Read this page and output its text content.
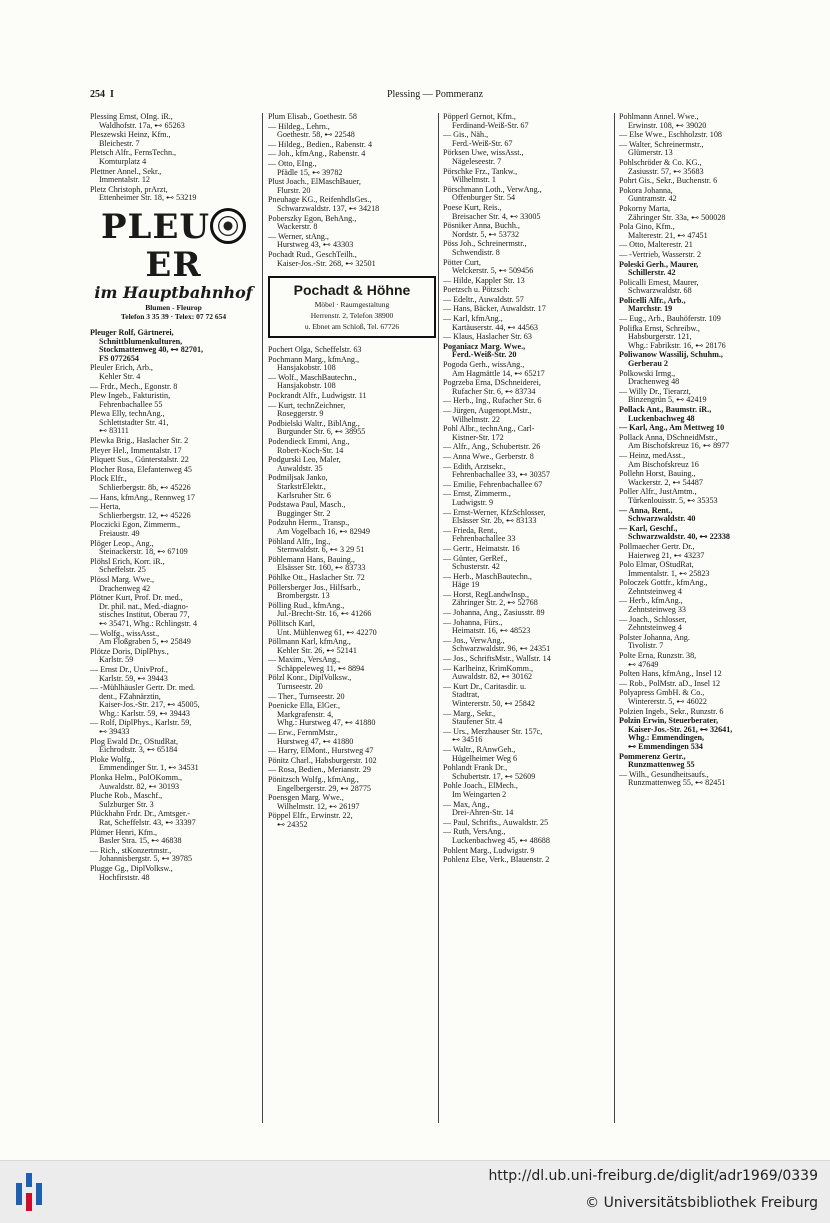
254 I	Plessing — Pommeranz
Plessing Ernst, OIng. iR.,
Waldhofstr. 17a, ⊷ 65263
Pleszewski Heinz, Kfm.,
Bleichestr. 7
Pletsch Alfr., FernsTechn.,
Komturplatz 4
Plettner Annel., Sekr.,
Immentalstr. 12
Pletz Christoph, prArzt,
Ettenheimer Str. 18, ⊷ 53219
PLEUER
im Hauptbahnhof
Blumen - Fleurop
Telefon 3 35 39 · Telex: 07 72 654
Pleuger Rolf, Gärtnerei,
Schnittblumenkulturen,
Stockmattenweg 40, ⊷ 82701,
FS 0772654
Pleuler Erich, Arb.,
Kehler Str. 4
— Frdr., Mech., Egonstr. 8
Plew Ingeb., Fakturistin,
Fehrenbachallee 55
Plewa Elly, technAng.,
Schlettstadter Str. 41,
⊷ 83111
Plewka Brig., Haslacher Str. 2
Pleyer Hel., Immentalstr. 17
Pliquett Sus., Günterstalstr. 22
Plocher Rosa, Elefantenweg 45
Plock Elfr.,
Schlierbergstr. 8b, ⊷ 45226
— Hans, kfmAng., Rennweg 17
— Herta,
Schlierbergstr. 12, ⊷ 45226
Ploczicki Egon, Zimmerm.,
Freiaustr. 49
Plöger Leop., Ang.,
Steinackerstr. 18, ⊷ 67109
Plöhsl Erich, Korr. iR.,
Scheffelstr. 25
Plössl Marg. Wwe.,
Drachenweg 42
Plötner Kurt, Prof. Dr. med.,
Dr. phil. nat., Med.-diagno-
stisches Institut, Oberau 77,
⊷ 35471, Whg.: Rchlingstr. 4
— Wolfg., wissAsst.,
Am Floßgraben 5, ⊷ 25849
Plötze Doris, DiplPhys.,
Karlstr. 59
— Ernst Dr., UnivProf.,
Karlstr. 59, ⊷ 39443
— -Mühlhäusler Gertr. Dr. med.
dent., FZahnärztin,
Kaiser-Jos.-Str. 217, ⊷ 45005,
Whg.: Karlstr. 59, ⊷ 39443
— Rolf, DiplPhys., Karlstr. 59,
⊷ 39433
Plog Ewald Dr., OStudRat,
Eichrodtstr. 3, ⊷ 65184
Ploke Wolfg.,
Emmendinger Str. 1, ⊷ 34531
Plonka Helm., PolOKomm.,
Auwaldstr. 82, ⊷ 30193
Pluche Rob., Maschf.,
Sulzburger Str. 3
Plückhahn Frdr. Dr., Amtsger.-
Rat, Scheffelstr. 43, ⊷ 33397
Plümer Henri, Kfm.,
Basler Stra. 15, ⊷ 46838
— Rich., stKonzertmstr.,
Johannisbergstr. 5, ⊷ 39785
Plugge Gg., DiplVolksw.,
Hochfirststr. 48
Plum Elisab., Goethestr. 58
— Hildeg., Lehrn.,
Goethestr. 58, ⊷ 22548
— Hildeg., Bedien., Rabenstr. 4
— Joh., kfmAng., Rabenstr. 4
— Otto, EIng.,
Pfädle 15, ⊷ 39782
Plust Joach., ElMaschBauer,
Flurstr. 20
Pneuhage KG., ReifenhdlsGes.,
Schwarzwaldstr. 137, ⊷ 34218
Poberszky Egon, BehAng.,
Wackerstr. 8
— Werner, stAng.,
Hurstweg 43, ⊷ 43303
Pochadt Rud., GeschTeilh.,
Kaiser-Jos.-Str. 268, ⊷ 32501
Pochadt & Höhne
Möbel · Raumgestaltung
Herrenstr. 2, Telefon 38900
u. Ebnet am Schloß, Tel. 67726
Pochert Olga, Scheffelstr. 63
Pochmann Marg., kfmAng.,
Hansjakobstr. 108
— Wolf., MaschBautechn.,
Hansjakobstr. 108
Pockrandt Alfr., Ludwigstr. 11
— Kurt, technZeichner,
Roseggerstr. 9
Podbielski Waltr., BiblAng.,
Burgunder Str. 6, ⊷ 38955
Podendieck Emmi, Ang.,
Robert-Koch-Str. 14
Podgurski Leo, Maler,
Auwaldstr. 35
Podmiljsak Janko,
StarkstrElektr.,
Karlsruher Str. 6
Podstawa Paul, Masch.,
Bugginger Str. 2
Podzuhn Herm., Transp.,
Am Vogelbach 16, ⊷ 82949
Pöhland Alfr., Ing.,
Sternwaldstr. 6, ⊷ 3 29 51
Pöhlemann Hans, Bauing.,
Elsässer Str. 160, ⊷ 83733
Pöhlke Ott., Haslacher Str. 72
Pöllersberger Jos., Hilfsarb.,
Brombergstr. 13
Pölling Rud., kfmAng.,
Jul.-Brecht-Str. 16, ⊷ 41266
Pöllitsch Karl,
Unt. Mühlenweg 61, ⊷ 42270
Pöllmann Karl, kfmAng.,
Kehler Str. 26, ⊷ 52141
— Maxim., VersAng.,
Schäppeleweg 11, ⊷ 8894
Pölzl Konr., DiplVolksw.,
Turnseestr. 20
— Ther., Turnseestr. 20
Poenicke Ella, ElGer.,
Markgrafenstr. 4,
Whg.: Hurstweg 47, ⊷ 41880
— Erw., FernmMstr.,
Hurstweg 47, ⊷ 41880
— Harry, ElMont., Hurstweg 47
Pönitz Charl., Habsburgerstr. 102
— Rosa, Bedien., Merianstr. 29
Pönitzsch Wolfg., kfmAng.,
Engelbergerstr. 29, ⊷ 28775
Poensgen Marg. Wwe.,
Wilhelmstr. 12, ⊷ 26197
Pöppel Elfr., Erwinstr. 22,
⊷ 24352
Pöpperl Gernot, Kfm.,
Ferdinand-Weiß-Str. 67
— Gis., Näh.,
Ferd.-Weiß-Str. 67
Pörksen Uwe, wissAsst.,
Nägeleseestr. 7
Pörschke Frz., Tankw.,
Wilhelmstr. 1
Pörschmann Loth., VerwAng.,
Offenburger Str. 54
Poese Kurt, Reis.,
Breisacher Str. 4, ⊷ 33005
Pösniker Anna, Buchh.,
Nordstr. 5, ⊷ 53732
Pöss Joh., Schreinermstr.,
Schwendistr. 8
Pötter Curt,
Welckerstr. 5, ⊷ 509456
— Hilde, Kappler Str. 13
Poetzsch u. Pötzsch:
— Edeltr., Auwaldstr. 57
— Hans, Bäcker, Auwaldstr. 17
— Karl, kfmAng.,
Kartäuserstr. 44, ⊷ 44563
— Klaus, Haslacher Str. 63
Poganiacz Marg. Wwe.,
Ferd.-Weiß-Str. 20
Pogoda Gerh., wissAng.,
Am Hagmättle 14, ⊷ 65217
Pogrzeba Erna, DSchneiderei,
Rufacher Str. 6, ⊷ 83734
— Herb., Ing., Rufacher Str. 6
— Jürgen, Augenopt.Mstr.,
Wilhelmstr. 22
Pohl Albr., technAng., Carl-
Kistner-Str. 172
— Alfr., Ang., Schubertstr. 26
— Anna Wwe., Gerberstr. 8
— Edith, Arztsekr.,
Fehrenbachallee 33, ⊷ 30357
— Emilie, Fehrenbachallee 67
— Ernst, Zimmerm.,
Ludwigstr. 9
— Ernst-Werner, KfzSchlosser,
Elsässer Str. 2b, ⊷ 83133
— Frieda, Rent.,
Fehrenbachallee 33
— Gertr., Heimatstr. 16
— Günter, GerRef.,
Schusterstr. 42
— Herb., MaschBautechn.,
Häge 19
— Horst, RegLandwInsp.,
Zähringer Str. 2, ⊷ 52768
— Johanna, Ang., Zasiusstr. 89
— Johanna, Fürs.,
Heimatstr. 16, ⊷ 48523
— Jos., VerwAng.,
Schwarzwaldstr. 96, ⊷ 24351
— Jos., SchriftsMstr., Wallstr. 14
— Karlheinz, KrimKomm.,
Auwaldstr. 82, ⊷ 30162
— Kurt Dr., Caritasdir. u.
Stadtrat,
Wintererstr. 50, ⊷ 25842
— Marg., Sekr.,
Staufener Str. 4
— Urs., Merzhauser Str. 157c,
⊷ 34516
— Waltr., RAnwGeh.,
Hügelheimer Weg 6
Pohlandt Frank Dr.,
Schubertstr. 17, ⊷ 52609
Pohle Joach., ElMech.,
Im Weingarten 2
— Max, Ang.,
Drei-Ähren-Str. 14
— Paul, Schrifts., Auwaldstr. 25
— Ruth, VersAng.,
Luckenbachweg 45, ⊷ 48688
Pohlent Marg., Ludwigstr. 9
Pohlenz Else, Verk., Blauenstr. 2
Pohlmann Annel. Wwe.,
Erwinstr. 108, ⊷ 39020
— Else Wwe., Eschholzstr. 108
— Walter, Schreinermstr.,
Glümerstr. 13
Pohlschröder & Co. KG.,
Zasiusstr. 57, ⊷ 35683
Pohrt Gis., Sekr., Buchenstr. 6
Pokora Johanna,
Guntramstr. 42
Pokorny Marta,
Zähringer Str. 33a, ⊷ 500028
Pola Gino, Kfm.,
Malterestr. 21, ⊷ 47451
— Otto, Malterestr. 21
— -Vertrieb, Wasserstr. 2
Poleski Gerh., Maurer,
Schillerstr. 42
Policalli Ernest, Maurer,
Schwarzwaldstr. 68
Policelli Alfr., Arb.,
Marchstr. 19
— Eug., Arb., Bauhöferstr. 109
Polifka Ernst, Schreibw.,
Habsburgerstr. 121,
Whg.: Fabrikstr. 16, ⊷ 28176
Poliwanow Wassilij, Schuhm.,
Gerberau 2
Polkowski Irmg.,
Drachenweg 48
— Willy Dr., Tierarzt,
Binzengrün 5, ⊷ 42419
Pollack Ant., Baumstr. iR.,
Luckenbachweg 48
— Karl, Ang., Am Mettweg 10
Pollack Anna, DSchneidMstr.,
Am Bischofskreuz 16, ⊷ 8977
— Heinz, medAsst.,
Am Bischofskreuz 16
Pollehn Horst, Bauing.,
Wackerstr. 2, ⊷ 54487
Poller Alfr., JustAmtm.,
Türkenlouisstr. 5, ⊷ 35353
— Anna, Rent.,
Schwarzwaldstr. 40
— Karl, Geschf.,
Schwarzwaldstr. 40, ⊷ 22338
Pollmaecher Gertr. Dr.,
Haierweg 21, ⊷ 43237
Polo Elmar, OStudRat,
Immentalstr. 1, ⊷ 25823
Poloczek Gottfr., kfmAng.,
Zehntsteinweg 4
— Herb., kfmAng.,
Zehntsteinweg 33
— Joach., Schlosser,
Zehntsteinweg 4
Polster Johanna, Ang.
Tivolistr. 7
Polte Erna, Runzstr. 38,
⊷ 47649
Polten Hans, kfmAng., Insel 12
— Rob., PolMstr. aD., Insel 12
Polyapress GmbH. & Co.,
Wintererstr. 5, ⊷ 46022
Polzien Ingeb., Sekr., Runzstr. 6
Polzin Erwin, Steuerberater,
Kaiser-Jos.-Str. 261, ⊷ 32641,
Whg.: Emmendingen,
⊷ Emmendingen 534
Pommerenz Gertr.,
Runzmattenweg 55
— Wilh., Gesundheitsaufs.,
Runzmattenweg 55, ⊷ 82451
http://dl.ub.uni-freiburg.de/diglit/adr1969/0339
© Universitätsbibliothek Freiburg
